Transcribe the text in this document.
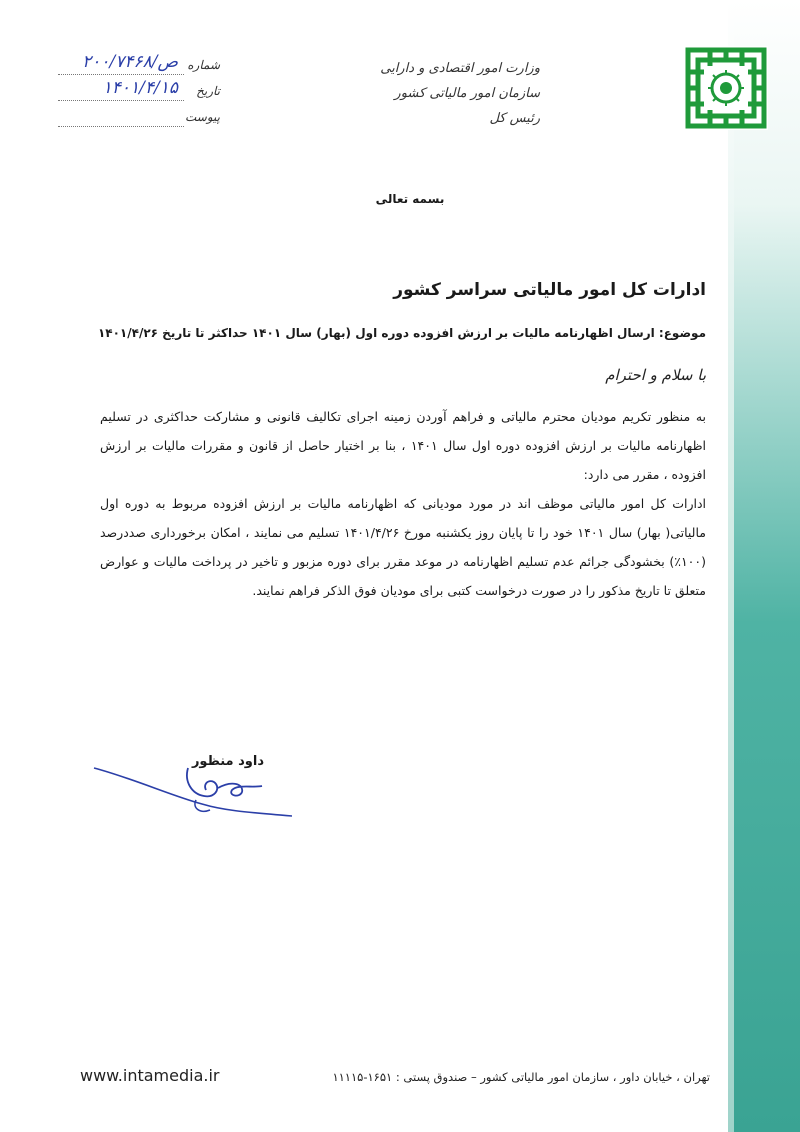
وزارت امور اقتصادی و دارایی
سازمان امور مالیاتی کشور
رئیس کل
شماره
۲۰۰/ص/۷۴۶۸
تاریخ
۱۴۰۱/۴/۱۵
پیوست
بسمه تعالی
ادارات کل امور مالیاتی سراسر کشور
موضوع: ارسال اظهارنامه مالیات بر ارزش افزوده دوره اول (بهار) سال ۱۴۰۱ حداکثر تا تاریخ ۱۴۰۱/۴/۲۶
با سلام و احترام

به منظور تکریم مودیان محترم مالیاتی و فراهم آوردن زمینه اجرای تکالیف قانونی و مشارکت حداکثری در تسلیم اظهارنامه مالیات بر ارزش افزوده دوره اول سال ۱۴۰۱ ، بنا بر اختیار حاصل از قانون و مقررات مالیات بر ارزش افزوده ، مقرر می دارد:

ادارات کل امور مالیاتی موظف اند در مورد مودیانی که اظهارنامه مالیات بر ارزش افزوده مربوط به دوره اول مالیاتی( بهار) سال ۱۴۰۱ خود را تا پایان روز یکشنبه مورخ ۱۴۰۱/۴/۲۶ تسلیم می نمایند ، امکان برخورداری صددرصد (۱۰۰٪) بخشودگی جرائم عدم تسلیم اظهارنامه در موعد مقرر برای دوره مزبور و تاخیر در پرداخت مالیات و عوارض متعلق تا تاریخ مذکور را در صورت درخواست کتبی برای مودیان فوق الذکر فراهم نمایند.

داود منظور
www.intamedia.ir	تهران ، خیابان داور ، سازمان امور مالیاتی کشور – صندوق پستی : ۱۶۵۱-۱۱۱۱۵
